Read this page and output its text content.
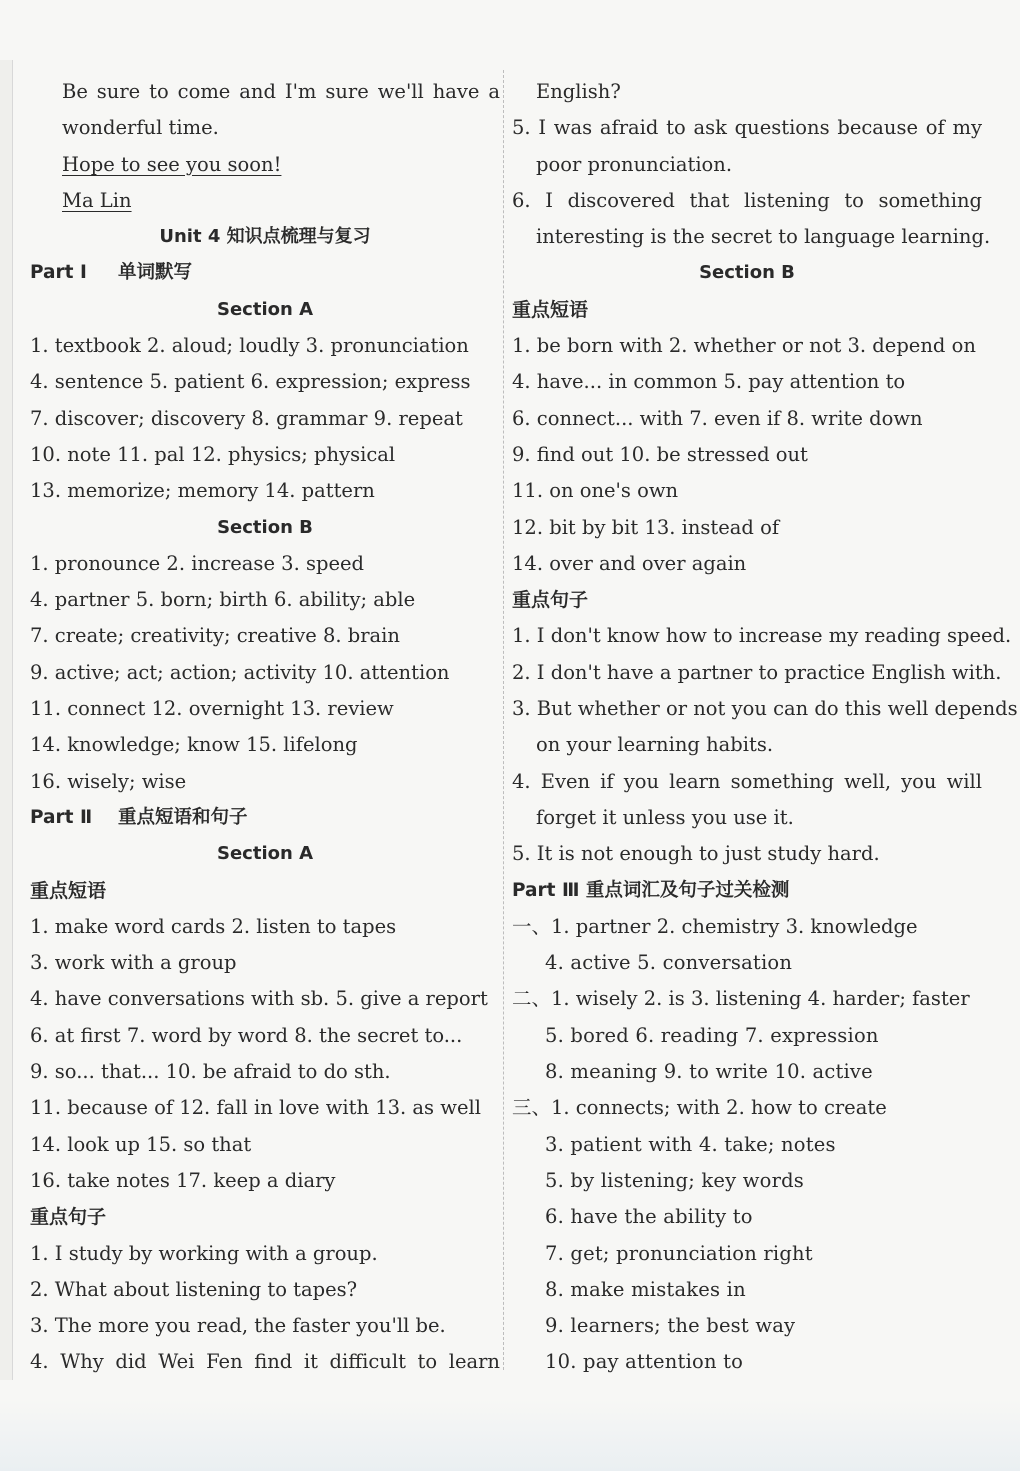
Be sure to come and I'm sure we'll have a
wonderful time.
Hope to see you soon!
Ma Lin
Unit 4 知识点梳理与复习
Part Ⅰ 单词默写
Section A
1. textbook 2. aloud; loudly 3. pronunciation
4. sentence 5. patient 6. expression; express
7. discover; discovery 8. grammar 9. repeat
10. note 11. pal 12. physics; physical
13. memorize; memory 14. pattern
Section B
1. pronounce 2. increase 3. speed
4. partner 5. born; birth 6. ability; able
7. create; creativity; creative 8. brain
9. active; act; action; activity 10. attention
11. connect 12. overnight 13. review
14. knowledge; know 15. lifelong
16. wisely; wise
Part Ⅱ 重点短语和句子
Section A
重点短语
1. make word cards 2. listen to tapes
3. work with a group
4. have conversations with sb. 5. give a report
6. at first 7. word by word 8. the secret to...
9. so... that... 10. be afraid to do sth.
11. because of 12. fall in love with 13. as well
14. look up 15. so that
16. take notes 17. keep a diary
重点句子
1. I study by working with a group.
2. What about listening to tapes?
3. The more you read, the faster you'll be.
4. Why did Wei Fen find it difficult to learn
English?
5. I was afraid to ask questions because of my
poor pronunciation.
6. I discovered that listening to something
interesting is the secret to language learning.
Section B
重点短语
1. be born with 2. whether or not 3. depend on
4. have... in common 5. pay attention to
6. connect... with 7. even if 8. write down
9. find out 10. be stressed out
11. on one's own
12. bit by bit 13. instead of
14. over and over again
重点句子
1. I don't know how to increase my reading speed.
2. I don't have a partner to practice English with.
3. But whether or not you can do this well depends
on your learning habits.
4. Even if you learn something well, you will
forget it unless you use it.
5. It is not enough to just study hard.
Part Ⅲ 重点词汇及句子过关检测
一、1. partner 2. chemistry 3. knowledge
4. active 5. conversation
二、1. wisely 2. is 3. listening 4. harder; faster
5. bored 6. reading 7. expression
8. meaning 9. to write 10. active
三、1. connects; with 2. how to create
3. patient with 4. take; notes
5. by listening; key words
6. have the ability to
7. get; pronunciation right
8. make mistakes in
9. learners; the best way
10. pay attention to
